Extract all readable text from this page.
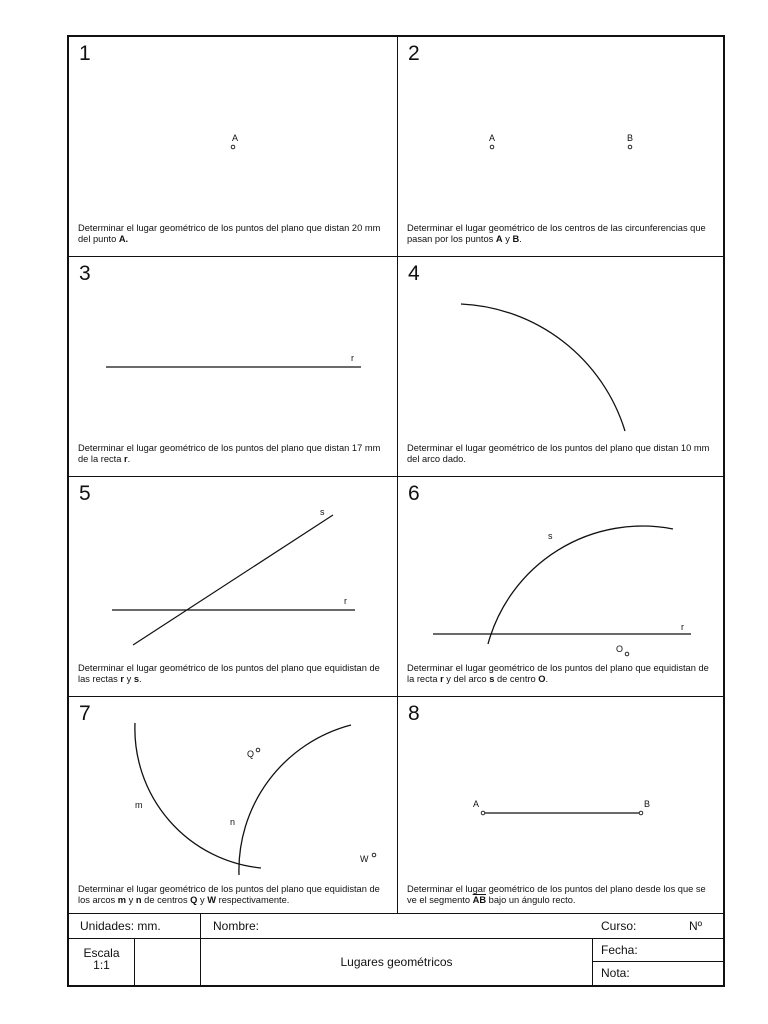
1
A
Determinar el lugar geométrico de los puntos del plano que distan 20 mm del punto A.
2
A	B
Determinar el lugar geométrico de los centros de las circunferencias que pasan por los puntos A y B.
3
r
Determinar el lugar geométrico de los puntos del plano que distan 17 mm de la recta r.
4
Determinar el lugar geométrico de los puntos del plano que distan 10 mm del arco dado.
5
s
r
Determinar el lugar geométrico de los puntos del plano que equidistan de las rectas r y s.
6
s
r
O
Determinar el lugar geométrico de los puntos del plano que equidistan de la recta r y del arco s de centro O.
7
m
n
Q
W
Determinar el lugar geométrico de los puntos del plano que equidistan de los arcos m y n de centros Q y W respectivamente.
8
A	B
Determinar el lugar geométrico de los puntos del plano desde los que se ve el segmento $\overline{AB}$ bajo un ángulo recto.
Unidades: mm.	Nombre:	Curso:	Nº
Escala
1:1	Lugares geométricos
Fecha:
Nota:
